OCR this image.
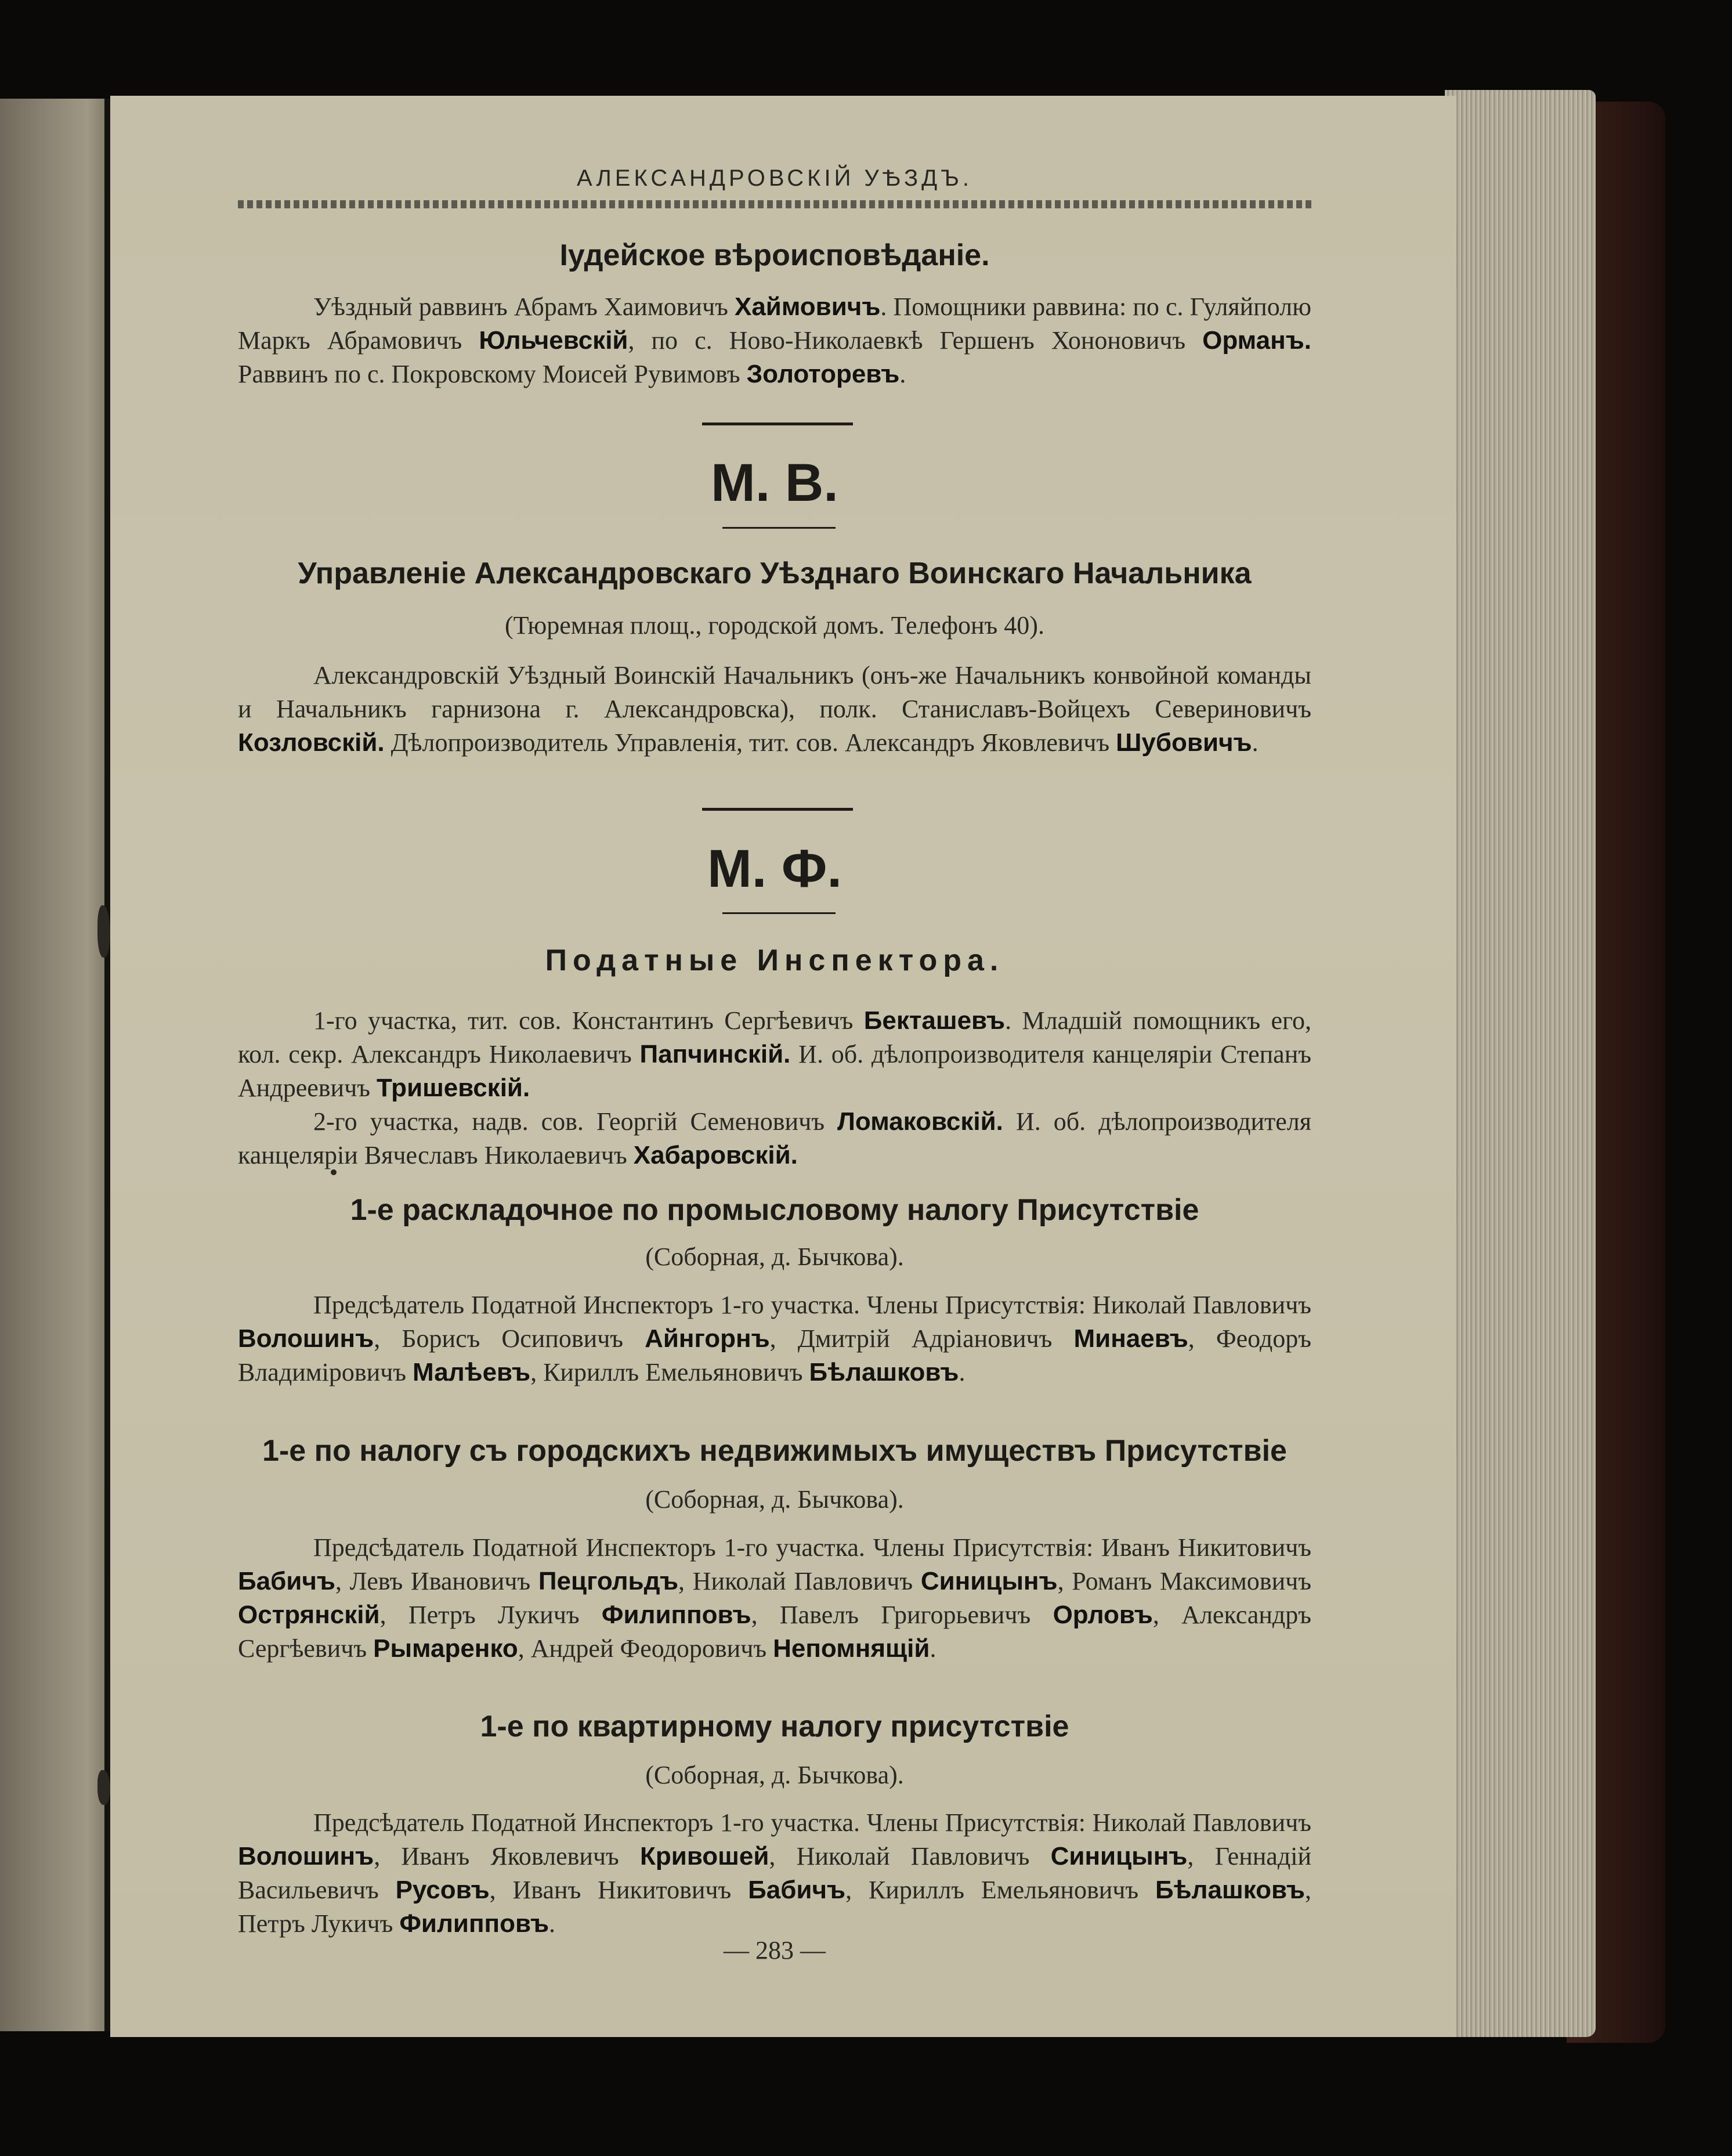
АЛЕКСАНДРОВСКІЙ УѢЗДЪ.
Іудейское вѣроисповѣданіе.

Уѣздный раввинъ Абрамъ Хаимовичъ Хаймовичъ. Помощники раввина: по с. Гуляйполю Маркъ Абрамовичъ Юльчевскій, по с. Ново-Николаевкѣ Гершенъ Хононовичъ Орманъ. Раввинъ по с. Покровскому Моисей Рувимовъ Золоторевъ.

М. В.
Управленіе Александровскаго Уѣзднаго Воинскаго Начальника
(Тюремная площ., городской домъ. Телефонъ 40).

Александровскій Уѣздный Воинскій Начальникъ (онъ-же Начальникъ конвойной команды и Начальникъ гарнизона г. Александровска), полк. Станиславъ-Войцехъ Севериновичъ Козловскій. Дѣлопроизводитель Управленія, тит. сов. Александръ Яковлевичъ Шубовичъ.

М. Ф.
Податные Инспектора.

1-го участка, тит. сов. Константинъ Сергѣевичъ Бекташевъ. Младшій помощникъ его, кол. секр. Александръ Николаевичъ Папчинскій. И. об. дѣлопроизводителя канцеляріи Степанъ Андреевичъ Тришевскій.

2-го участка, надв. сов. Георгій Семеновичъ Ломаковскій. И. об. дѣлопроизводителя канцеляріи Вячеславъ Николаевичъ Хабаровскій.

1-е раскладочное по промысловому налогу Присутствіе
(Соборная, д. Бычкова).

Предсѣдатель Податной Инспекторъ 1-го участка. Члены Присутствія: Николай Павловичъ Волошинъ, Борисъ Осиповичъ Айнгорнъ, Дмитрій Адріановичъ Минаевъ, Феодоръ Владиміровичъ Малѣевъ, Кириллъ Емельяновичъ Бѣлашковъ.

1-е по налогу съ городскихъ недвижимыхъ имуществъ Присутствіе
(Соборная, д. Бычкова).

Предсѣдатель Податной Инспекторъ 1-го участка. Члены Присутствія: Иванъ Никитовичъ Бабичъ, Левъ Ивановичъ Пецгольдъ, Николай Павловичъ Синицынъ, Романъ Максимовичъ Острянскій, Петръ Лукичъ Филипповъ, Павелъ Григорьевичъ Орловъ, Александръ Сергѣевичъ Рымаренко, Андрей Феодоровичъ Непомнящій.

1-е по квартирному налогу присутствіе
(Соборная, д. Бычкова).

Предсѣдатель Податной Инспекторъ 1-го участка. Члены Присутствія: Николай Павловичъ Волошинъ, Иванъ Яковлевичъ Кривошей, Николай Павловичъ Синицынъ, Геннадій Васильевичъ Русовъ, Иванъ Никитовичъ Бабичъ, Кириллъ Емельяновичъ Бѣлашковъ, Петръ Лукичъ Филипповъ.

— 283 —
